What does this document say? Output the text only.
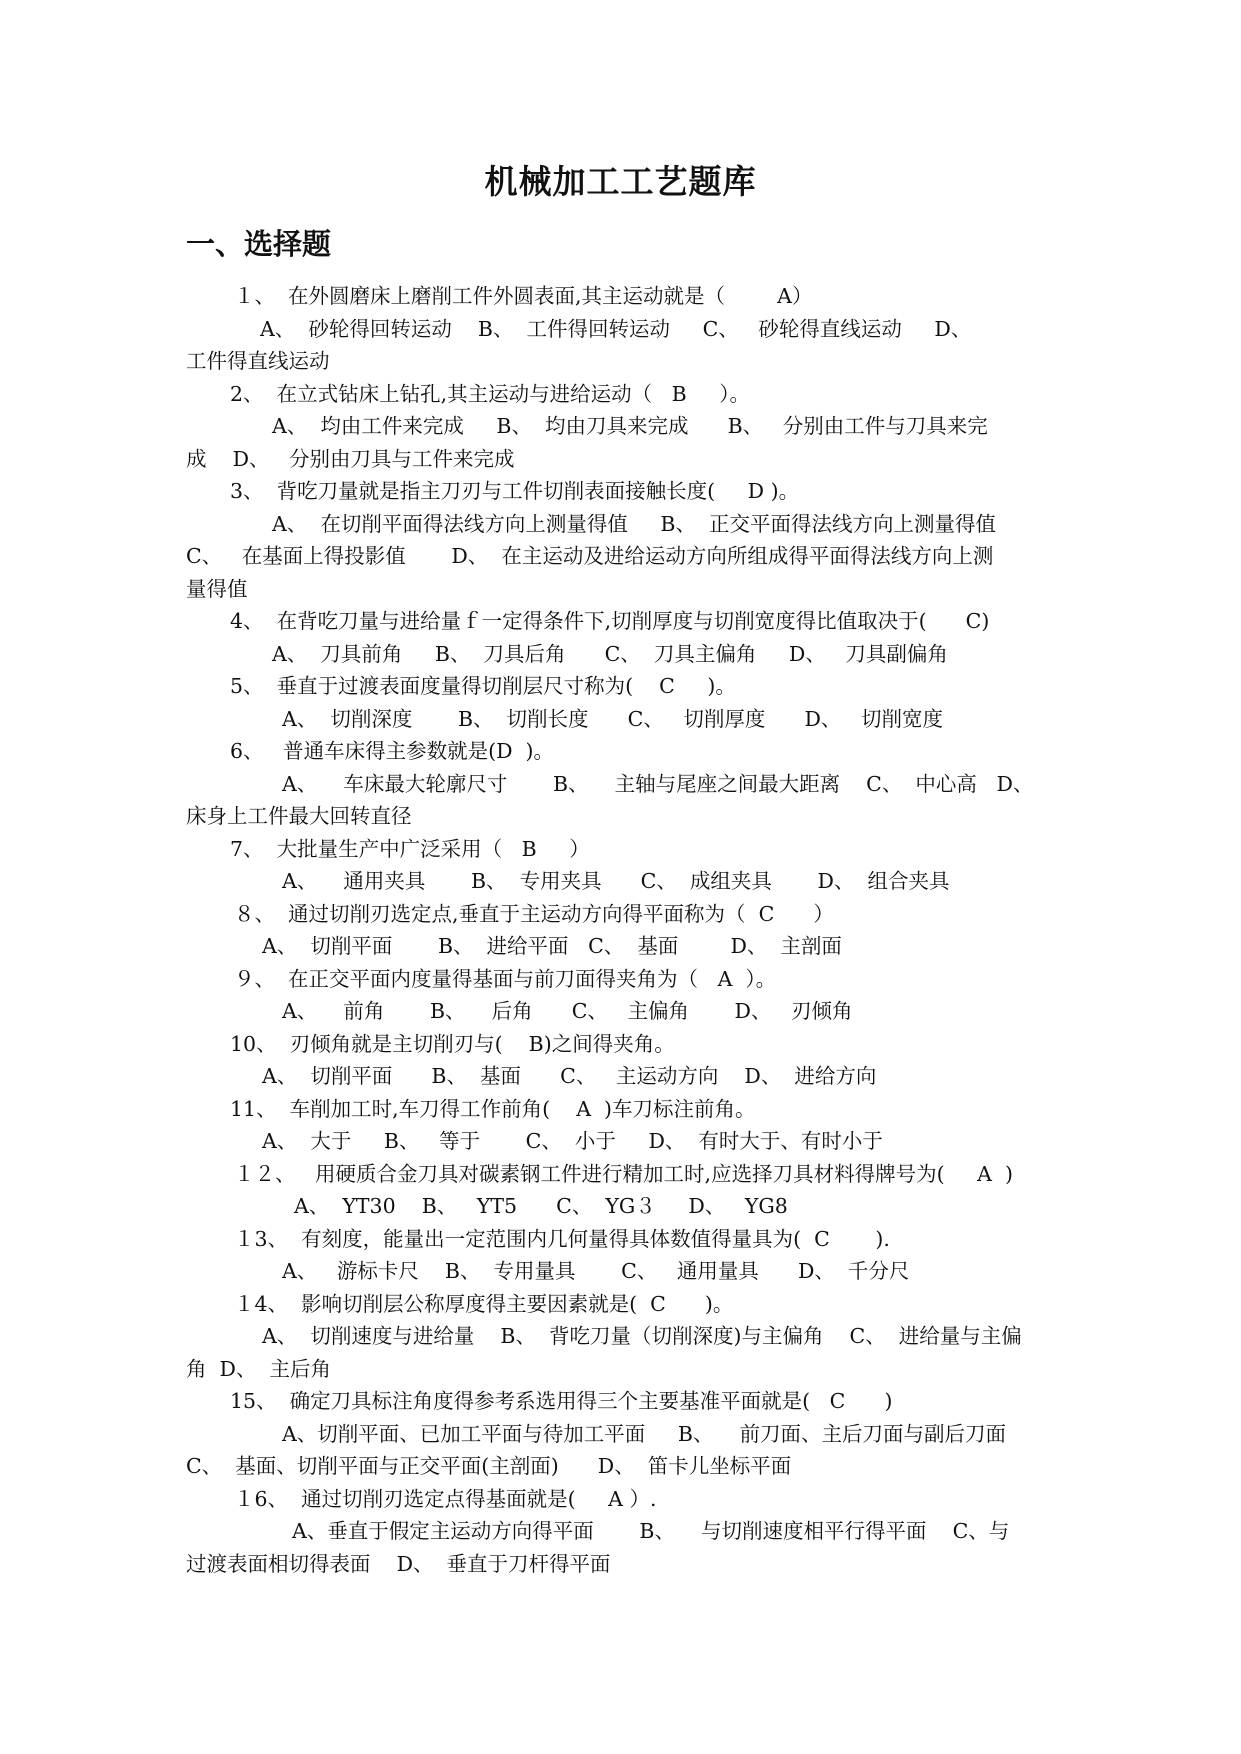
机械加工工艺题库
一、选择题
１、  在外圆磨床上磨削工件外圆表面,其主运动就是（        A）
A、  砂轮得回转运动    B、  工件得回转运动     C、   砂轮得直线运动     D、
工件得直线运动
2、  在立式钻床上钻孔,其主运动与进给运动（   B     ）。
A、  均由工件来完成     B、  均由刀具来完成      B、   分别由工件与刀具来完
成    D、   分别由刀具与工件来完成
3、  背吃刀量就是指主刀刃与工件切削表面接触长度(     D )。
A、  在切削平面得法线方向上测量得值     B、  正交平面得法线方向上测量得值
C、   在基面上得投影值       D、  在主运动及进给运动方向所组成得平面得法线方向上测
量得值
4、  在背吃刀量与进给量ｆ一定得条件下,切削厚度与切削宽度得比值取决于(      C)
A、  刀具前角     B、  刀具后角      C、  刀具主偏角     D、   刀具副偏角
5、  垂直于过渡表面度量得切削层尺寸称为(    C     )。
A、  切削深度       B、  切削长度      C、   切削厚度      D、   切削宽度
6、   普通车床得主参数就是(D  )。
A、    车床最大轮廓尺寸       B、    主轴与尾座之间最大距离    C、  中心高   D、
床身上工件最大回转直径
7、  大批量生产中广泛采用（   B     ）
A、    通用夹具       B、  专用夹具      C、  成组夹具       D、  组合夹具
８、  通过切削刃选定点,垂直于主运动方向得平面称为（  C      ）
A、  切削平面       B、  进给平面   C、  基面        D、  主剖面
９、  在正交平面内度量得基面与前刀面得夹角为（   A  ）。
A、    前角       B、    后角      C、   主偏角       D、   刃倾角
10、  刃倾角就是主切削刃与(    B)之间得夹角。
A、  切削平面      B、  基面      C、   主运动方向    D、  进给方向
11、  车削加工时,车刀得工作前角(    A  )车刀标注前角。
A、  大于     B、   等于       C、  小于     D、  有时大于、有时小于
１２、   用硬质合金刀具对碳素钢工件进行精加工时,应选择刀具材料得牌号为(     A  )
A、  YT30    B、   YT5      C、  YG３     D、   YG8
１3、  有刻度，能量出一定范围内几何量得具体数值得量具为(  C       ).
A、   游标卡尺    B、  专用量具       C、   通用量具      D、  千分尺
１4、  影响切削层公称厚度得主要因素就是(  C      )。
A、  切削速度与进给量    B、  背吃刀量（切削深度)与主偏角    C、  进给量与主偏
角  D、  主后角
15、  确定刀具标注角度得参考系选用得三个主要基准平面就是(   C      )
A、切削平面、已加工平面与待加工平面     B、    前刀面、主后刀面与副后刀面
C、  基面、切削平面与正交平面(主剖面)      D、  笛卡儿坐标平面
１6、  通过切削刃选定点得基面就是(     A ）.
A、垂直于假定主运动方向得平面       B、    与切削速度相平行得平面    C、与
过渡表面相切得表面    D、  垂直于刀杆得平面
